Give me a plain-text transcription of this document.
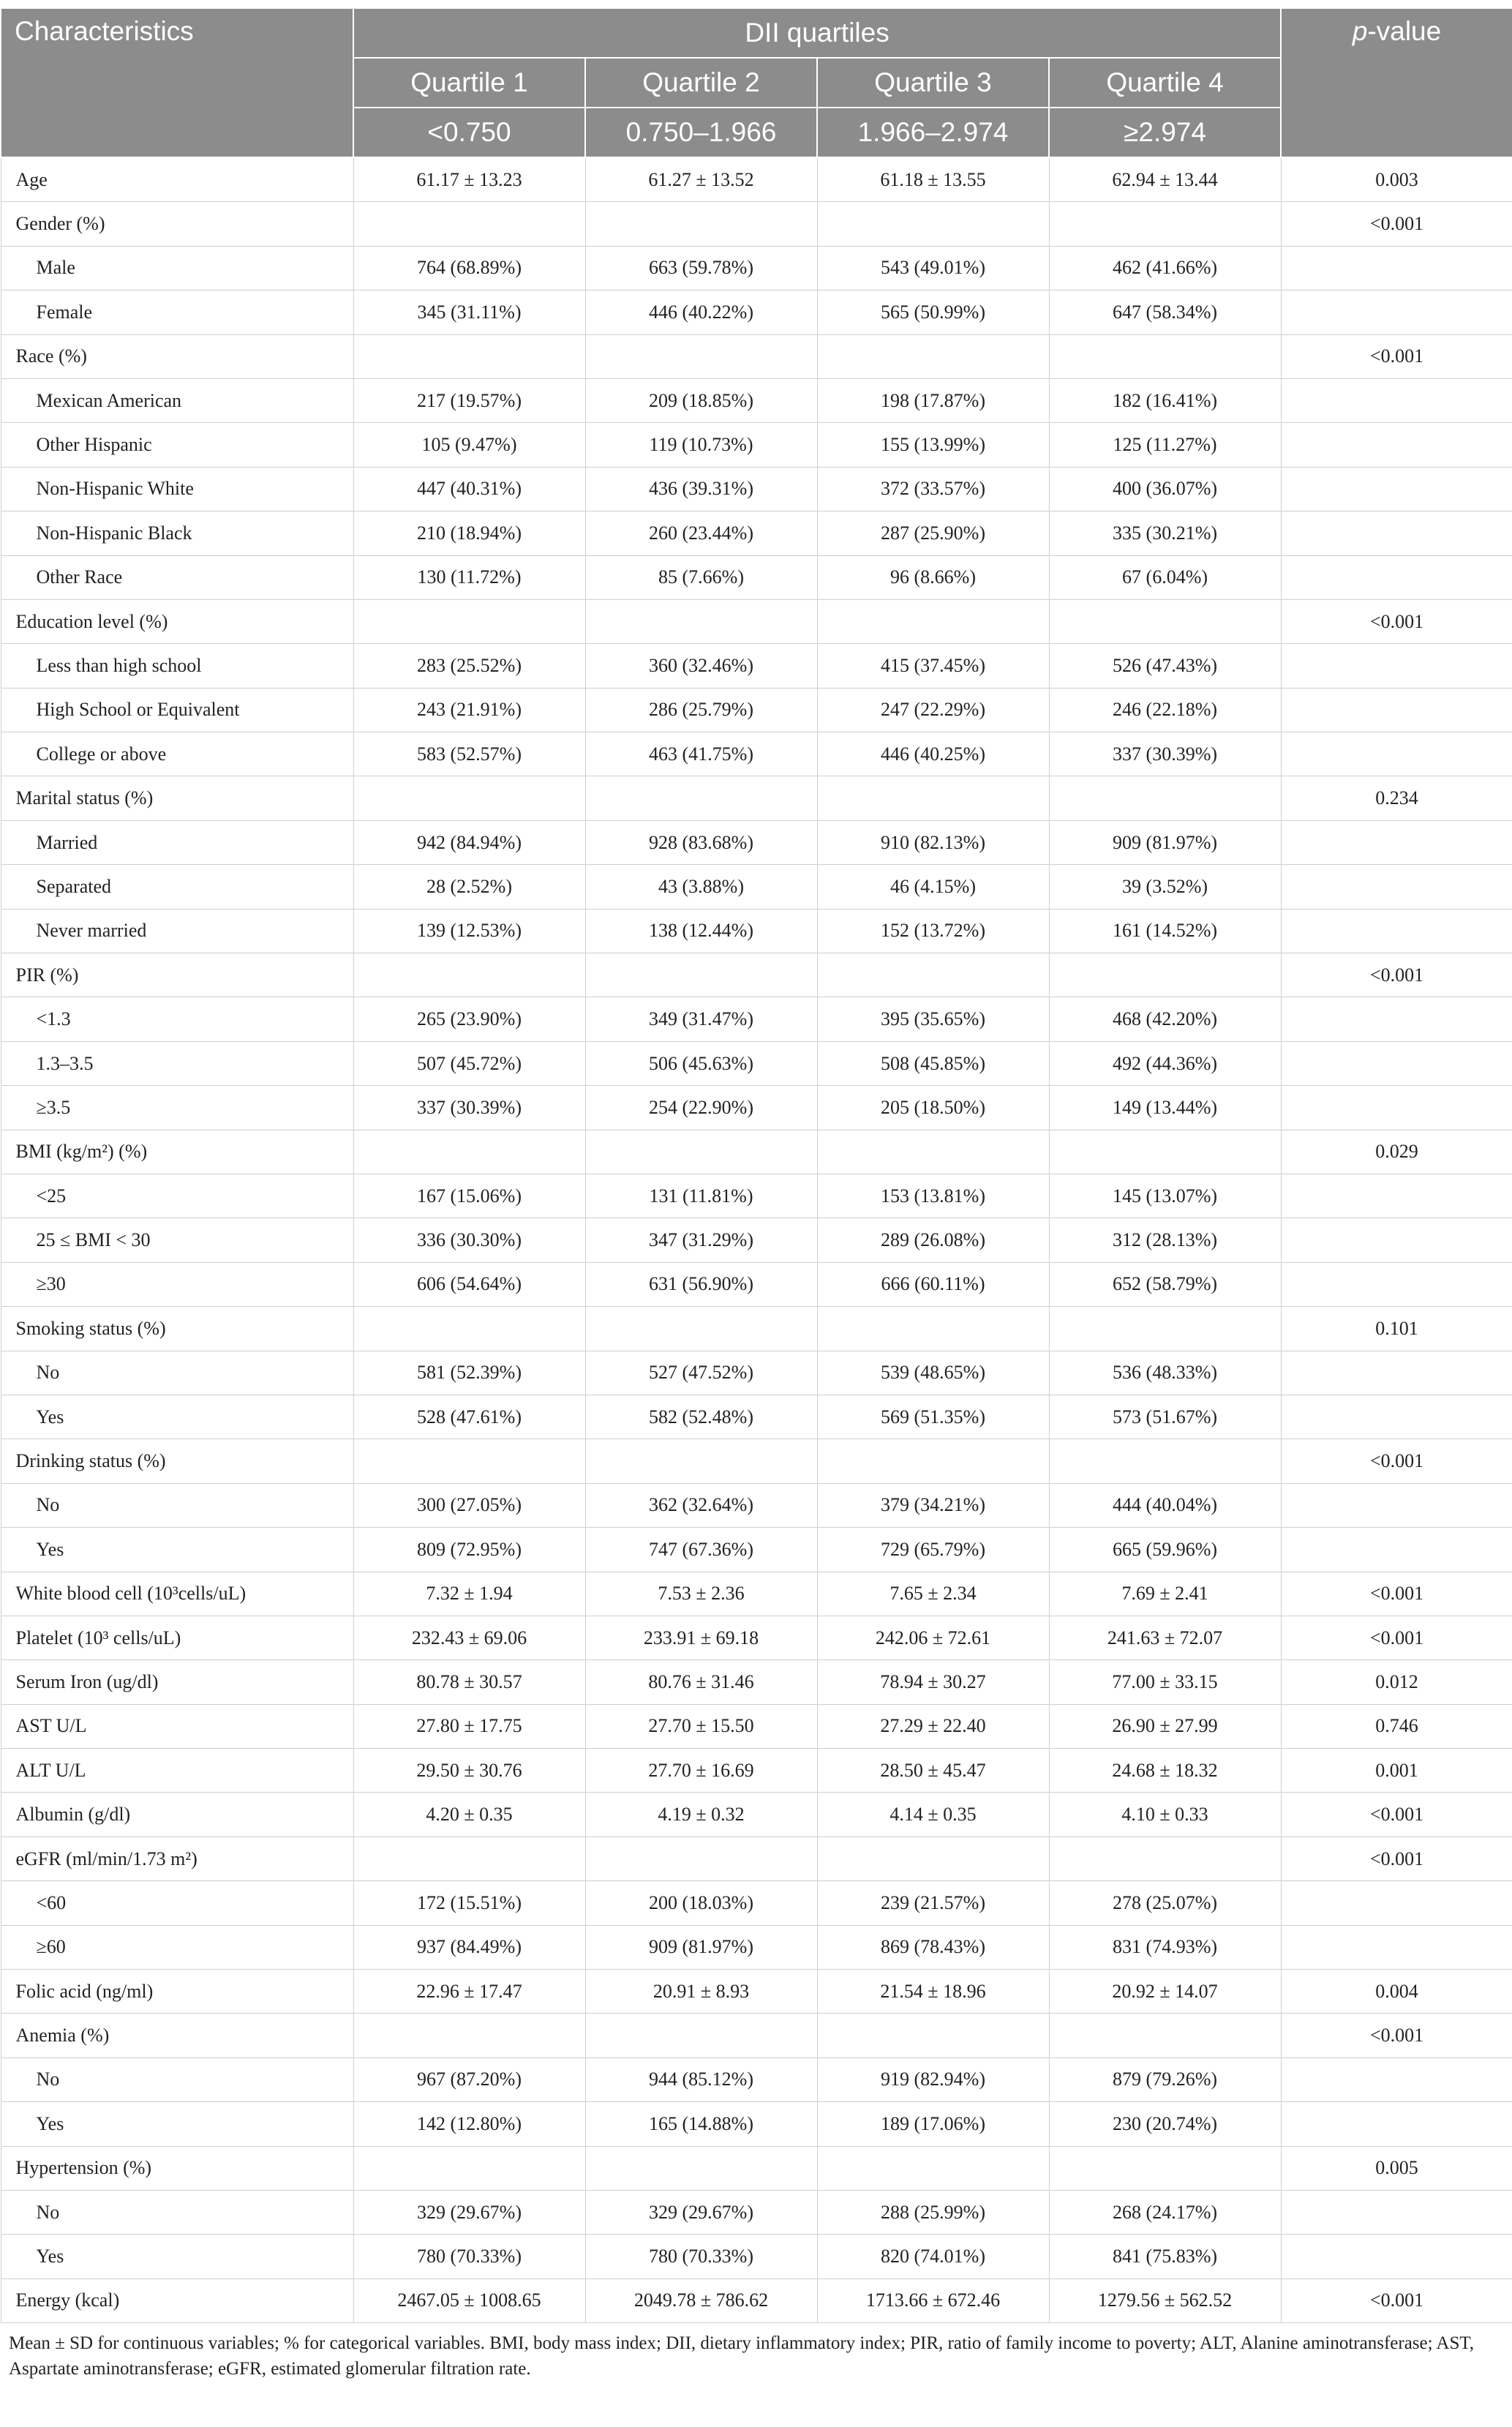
Characteristics	DII quartiles				p-value
	Quartile 1	Quartile 2	Quartile 3	Quartile 4	
	<0.750	0.750–1.966	1.966–2.974	≥2.974	
Age	61.17 ± 13.23	61.27 ± 13.52	61.18 ± 13.55	62.94 ± 13.44	0.003
Gender (%)					<0.001
Male	764 (68.89%)	663 (59.78%)	543 (49.01%)	462 (41.66%)	
Female	345 (31.11%)	446 (40.22%)	565 (50.99%)	647 (58.34%)	
Race (%)					<0.001
Mexican American	217 (19.57%)	209 (18.85%)	198 (17.87%)	182 (16.41%)	
Other Hispanic	105 (9.47%)	119 (10.73%)	155 (13.99%)	125 (11.27%)	
Non-Hispanic White	447 (40.31%)	436 (39.31%)	372 (33.57%)	400 (36.07%)	
Non-Hispanic Black	210 (18.94%)	260 (23.44%)	287 (25.90%)	335 (30.21%)	
Other Race	130 (11.72%)	85 (7.66%)	96 (8.66%)	67 (6.04%)	
Education level (%)					<0.001
Less than high school	283 (25.52%)	360 (32.46%)	415 (37.45%)	526 (47.43%)	
High School or Equivalent	243 (21.91%)	286 (25.79%)	247 (22.29%)	246 (22.18%)	
College or above	583 (52.57%)	463 (41.75%)	446 (40.25%)	337 (30.39%)	
Marital status (%)					0.234
Married	942 (84.94%)	928 (83.68%)	910 (82.13%)	909 (81.97%)	
Separated	28 (2.52%)	43 (3.88%)	46 (4.15%)	39 (3.52%)	
Never married	139 (12.53%)	138 (12.44%)	152 (13.72%)	161 (14.52%)	
PIR (%)					<0.001
<1.3	265 (23.90%)	349 (31.47%)	395 (35.65%)	468 (42.20%)	
1.3–3.5	507 (45.72%)	506 (45.63%)	508 (45.85%)	492 (44.36%)	
≥3.5	337 (30.39%)	254 (22.90%)	205 (18.50%)	149 (13.44%)	
BMI (kg/m²) (%)					0.029
<25	167 (15.06%)	131 (11.81%)	153 (13.81%)	145 (13.07%)	
25 ≤ BMI < 30	336 (30.30%)	347 (31.29%)	289 (26.08%)	312 (28.13%)	
≥30	606 (54.64%)	631 (56.90%)	666 (60.11%)	652 (58.79%)	
Smoking status (%)					0.101
No	581 (52.39%)	527 (47.52%)	539 (48.65%)	536 (48.33%)	
Yes	528 (47.61%)	582 (52.48%)	569 (51.35%)	573 (51.67%)	
Drinking status (%)					<0.001
No	300 (27.05%)	362 (32.64%)	379 (34.21%)	444 (40.04%)	
Yes	809 (72.95%)	747 (67.36%)	729 (65.79%)	665 (59.96%)	
White blood cell (10³cells/uL)	7.32 ± 1.94	7.53 ± 2.36	7.65 ± 2.34	7.69 ± 2.41	<0.001
Platelet (10³ cells/uL)	232.43 ± 69.06	233.91 ± 69.18	242.06 ± 72.61	241.63 ± 72.07	<0.001
Serum Iron (ug/dl)	80.78 ± 30.57	80.76 ± 31.46	78.94 ± 30.27	77.00 ± 33.15	0.012
AST U/L	27.80 ± 17.75	27.70 ± 15.50	27.29 ± 22.40	26.90 ± 27.99	0.746
ALT U/L	29.50 ± 30.76	27.70 ± 16.69	28.50 ± 45.47	24.68 ± 18.32	0.001
Albumin (g/dl)	4.20 ± 0.35	4.19 ± 0.32	4.14 ± 0.35	4.10 ± 0.33	<0.001
eGFR (ml/min/1.73 m²)					<0.001
<60	172 (15.51%)	200 (18.03%)	239 (21.57%)	278 (25.07%)	
≥60	937 (84.49%)	909 (81.97%)	869 (78.43%)	831 (74.93%)	
Folic acid (ng/ml)	22.96 ± 17.47	20.91 ± 8.93	21.54 ± 18.96	20.92 ± 14.07	0.004
Anemia (%)					<0.001
No	967 (87.20%)	944 (85.12%)	919 (82.94%)	879 (79.26%)	
Yes	142 (12.80%)	165 (14.88%)	189 (17.06%)	230 (20.74%)	
Hypertension (%)					0.005
No	329 (29.67%)	329 (29.67%)	288 (25.99%)	268 (24.17%)	
Yes	780 (70.33%)	780 (70.33%)	820 (74.01%)	841 (75.83%)	
Energy (kcal)	2467.05 ± 1008.65	2049.78 ± 786.62	1713.66 ± 672.46	1279.56 ± 562.52	<0.001
Mean ± SD for continuous variables; % for categorical variables. BMI, body mass index; DII, dietary inflammatory index; PIR, ratio of family income to poverty; ALT, Alanine aminotransferase; AST, Aspartate aminotransferase; eGFR, estimated glomerular filtration rate.
